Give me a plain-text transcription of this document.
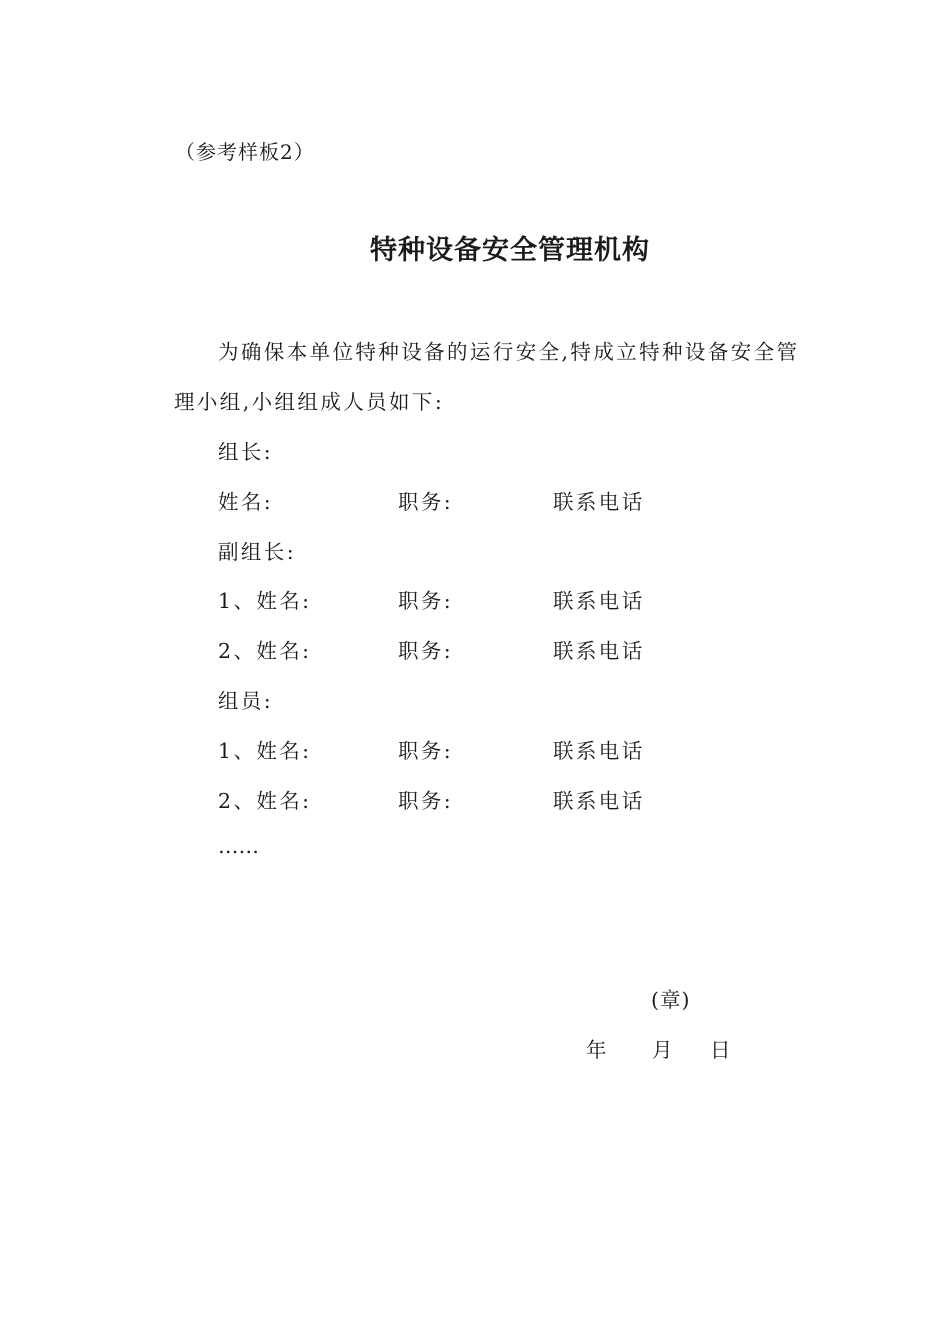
（参考样板2）
特种设备安全管理机构
为确保本单位特种设备的运行安全,特成立特种设备安全管
理小组,小组组成人员如下:
组长:
姓名:	职务:	联系电话
副组长:
1、姓名:	职务:	联系电话
2、姓名:	职务:	联系电话
组员:
1、姓名:	职务:	联系电话
2、姓名:	职务:	联系电话
……
(章)
年 月 日
